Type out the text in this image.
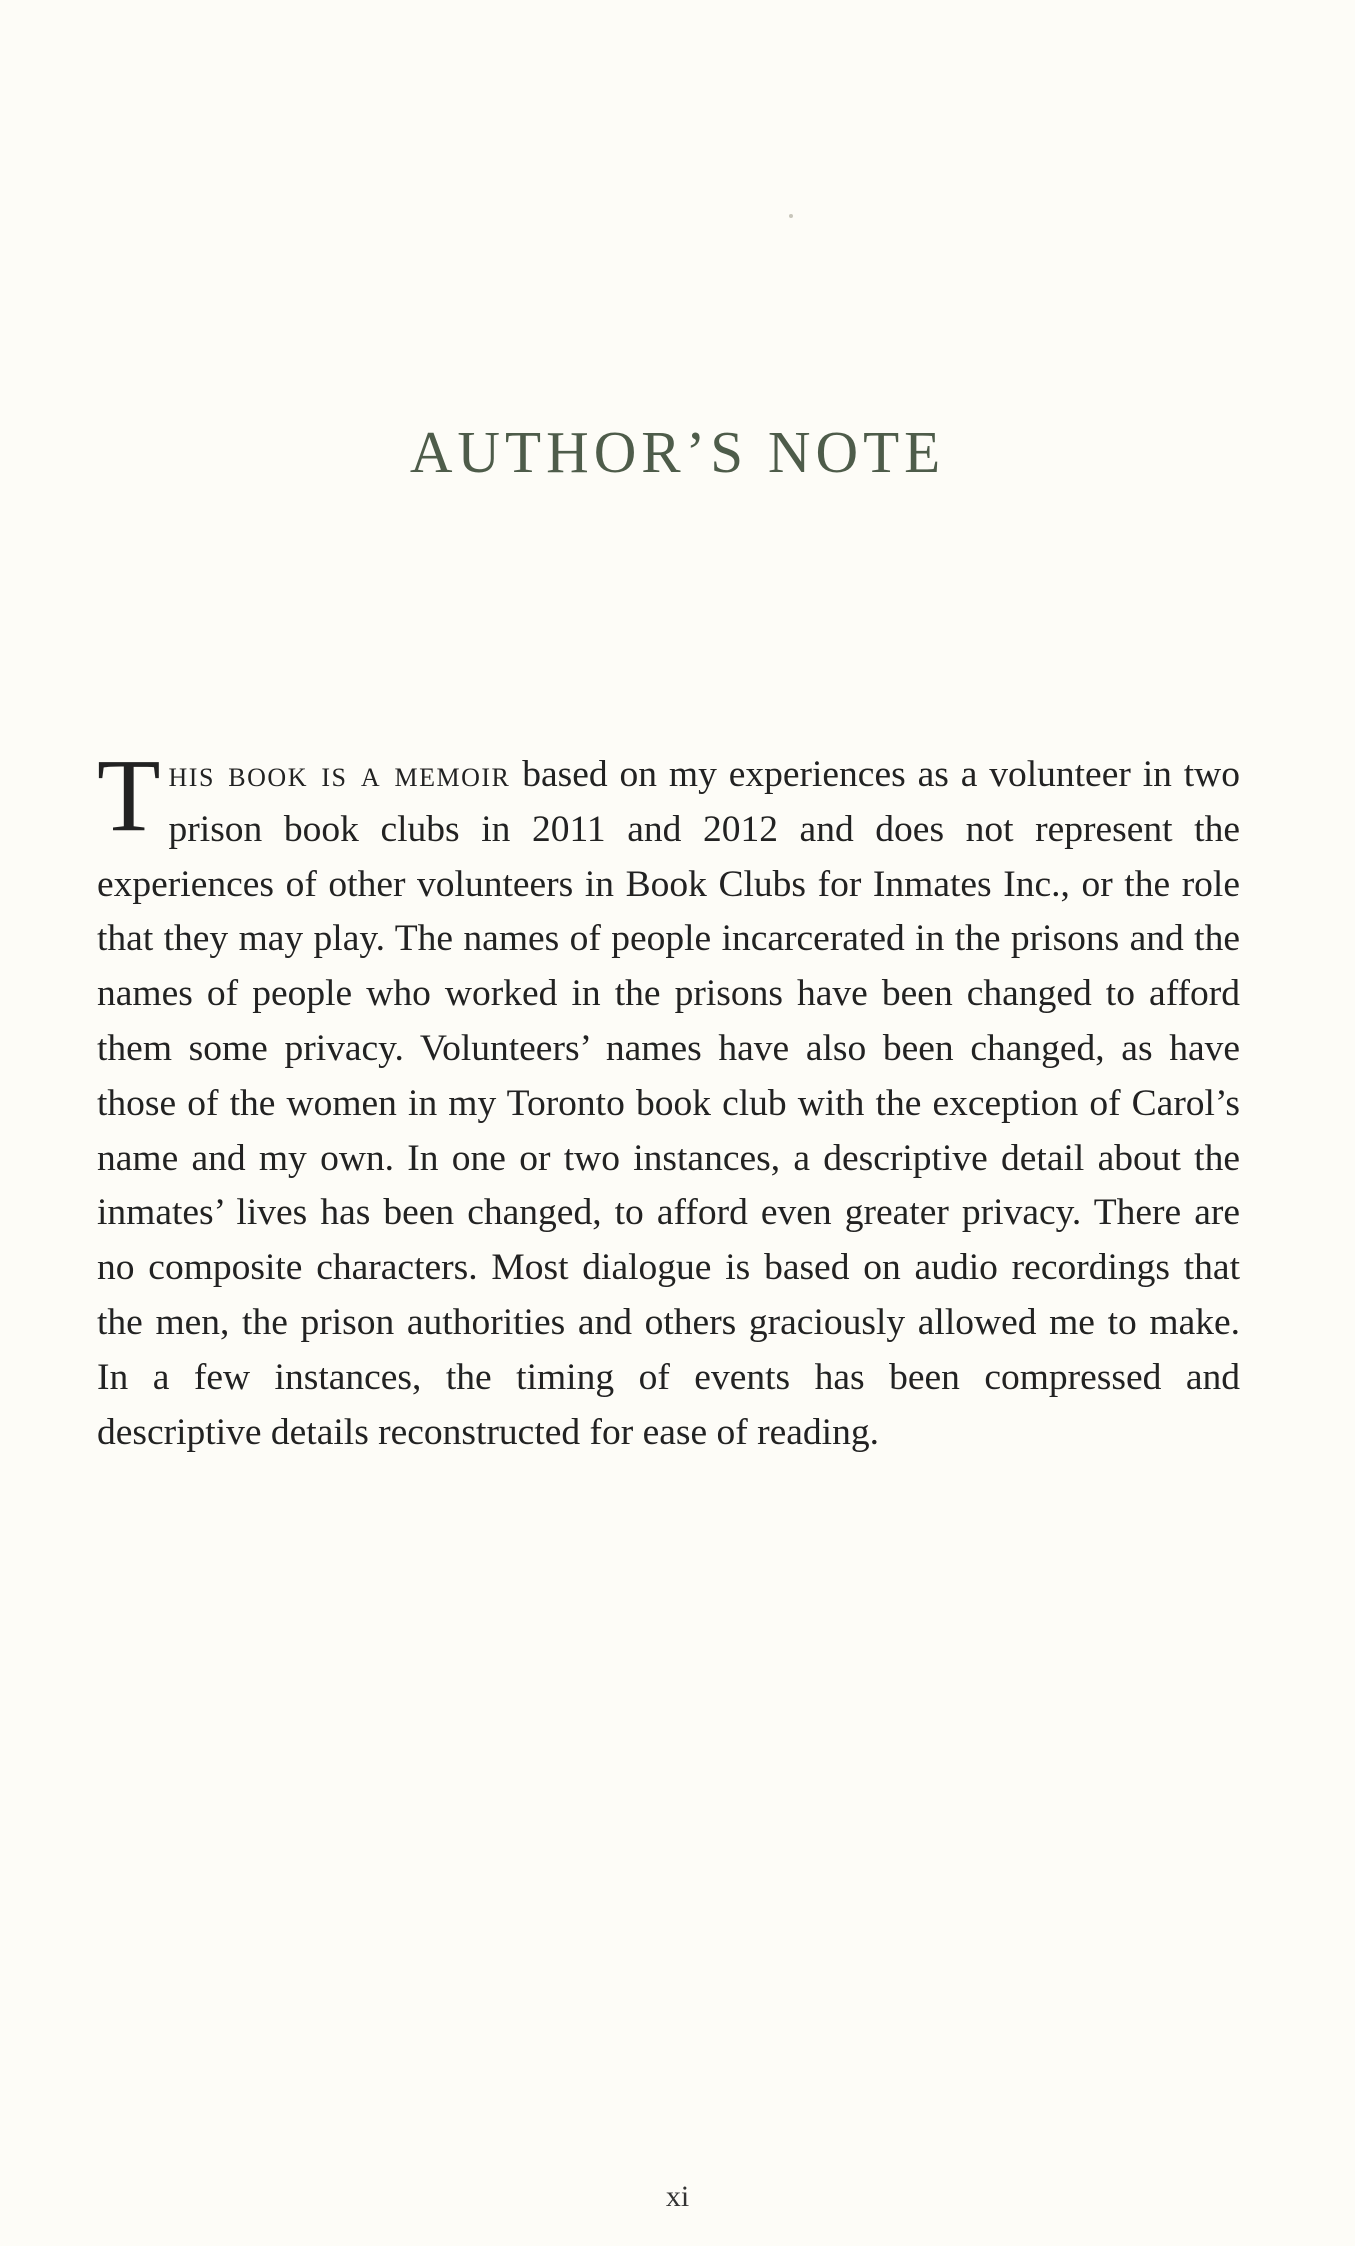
AUTHOR’S NOTE

This book is a memoir based on my experiences as a volunteer in two prison book clubs in 2011 and 2012 and does not represent the experiences of other volunteers in Book Clubs for Inmates Inc., or the role that they may play. The names of people incarcerated in the prisons and the names of people who worked in the prisons have been changed to afford them some privacy. Volunteers’ names have also been changed, as have those of the women in my Toronto book club with the exception of Carol’s name and my own. In one or two instances, a descriptive detail about the inmates’ lives has been changed, to afford even greater privacy. There are no composite characters. Most dialogue is based on audio recordings that the men, the prison authorities and others graciously allowed me to make. In a few instances, the timing of events has been compressed and descriptive details reconstructed for ease of reading.

xi
